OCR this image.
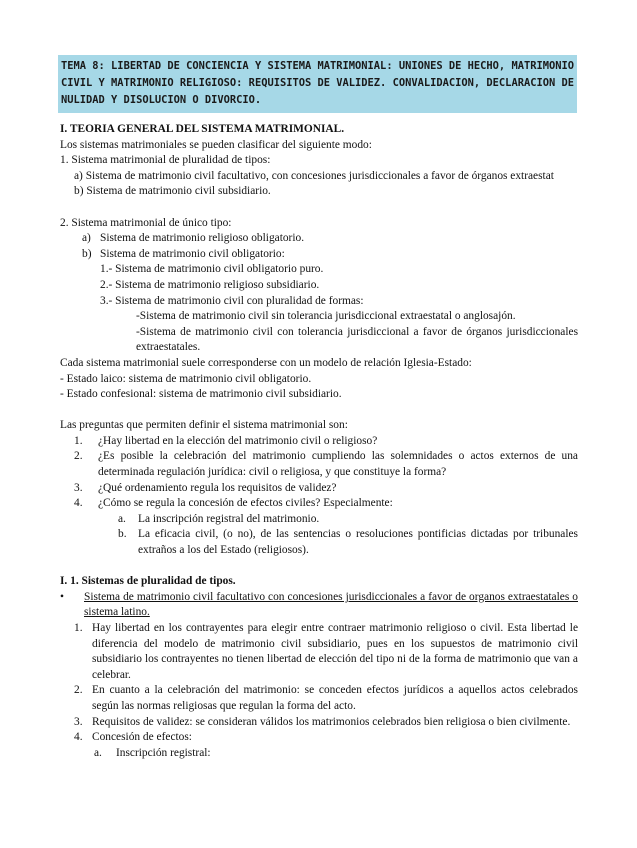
TEMA 8: LIBERTAD DE CONCIENCIA Y SISTEMA MATRIMONIAL: UNIONES DE HECHO, MATRIMONIO CIVIL Y MATRIMONIO RELIGIOSO: REQUISITOS DE VALIDEZ. CONVALIDACION, DECLARACION DE NULIDAD Y DISOLUCION O DIVORCIO.
I. TEORIA GENERAL DEL SISTEMA MATRIMONIAL.
Los sistemas matrimoniales se pueden clasificar del siguiente modo:
1. Sistema matrimonial de pluralidad de tipos:
a) Sistema de matrimonio civil facultativo, con concesiones jurisdiccionales a favor de órganos extraestat
b) Sistema de matrimonio civil subsidiario.
2. Sistema matrimonial de único tipo:
a) Sistema de matrimonio religioso obligatorio.
b) Sistema de matrimonio civil obligatorio:
1.- Sistema de matrimonio civil obligatorio puro.
2.- Sistema de matrimonio religioso subsidiario.
3.- Sistema de matrimonio civil con pluralidad de formas:
-Sistema de matrimonio civil sin tolerancia jurisdiccional extraestatal o anglosajón.
-Sistema de matrimonio civil con tolerancia jurisdiccional a favor de órganos jurisdiccionales extraestatales.
Cada sistema matrimonial suele corresponderse con un modelo de relación Iglesia-Estado:
- Estado laico: sistema de matrimonio civil obligatorio.
- Estado confesional: sistema de matrimonio civil subsidiario.
Las preguntas que permiten definir el sistema matrimonial son:
1.	¿Hay libertad en la elección del matrimonio civil o religioso?
2.	¿Es posible la celebración del matrimonio cumpliendo las solemnidades o actos externos de una determinada regulación jurídica: civil o religiosa, y que constituye la forma?
3.	¿Qué ordenamiento regula los requisitos de validez?
4.	¿Cómo se regula la concesión de efectos civiles? Especialmente:
a.	La inscripción registral del matrimonio.
b.	La eficacia civil, (o no), de las sentencias o resoluciones pontificias dictadas por tribunales extraños a los del Estado (religiosos).
I. 1. Sistemas de pluralidad de tipos.
•	Sistema de matrimonio civil facultativo con concesiones jurisdiccionales a favor de organos extraestatales o sistema latino.
1. Hay libertad en los contrayentes para elegir entre contraer matrimonio religioso o civil. Esta libertad le diferencia del modelo de matrimonio civil subsidiario, pues en los supuestos de matrimonio civil subsidiario los contrayentes no tienen libertad de elección del tipo ni de la forma de matrimonio que van a celebrar.
2. En cuanto a la celebración del matrimonio: se conceden efectos jurídicos a aquellos actos celebrados según las normas religiosas que regulan la forma del acto.
3. Requisitos de validez: se consideran válidos los matrimonios celebrados bien religiosa o bien civilmente.
4. Concesión de efectos:
a.	Inscripción registral:
